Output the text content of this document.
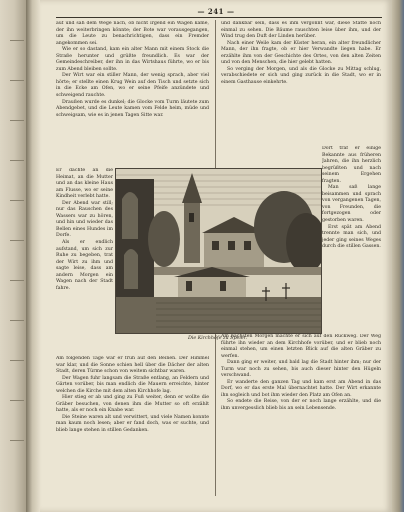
— 241 —

auf und sah dem Wege nach, ob nicht irgend ein Wagen käme, der ihn weiterbringen könnte; der Bote war vorausgegangen, um die Leute zu benachrichtigen, dass ein Fremder angekommen sei.

Wie er so dastand, kam ein alter Mann mit einem Stock die Straße herunter und grüßte freundlich. Es war der Gemeindeschreiber, der ihn in das Wirtshaus führte, wo er bis zum Abend bleiben sollte.

Der Wirt war ein stiller Mann, der wenig sprach, aber viel hörte; er stellte einen Krug Wein auf den Tisch und setzte sich in die Ecke am Ofen, wo er seine Pfeife anzündete und schweigend rauchte.

Draußen wurde es dunkel; die Glocke vom Turm läutete zum Abendgebet, und die Leute kamen vom Felde heim, müde und schweigsam, wie es in jenen Tagen Sitte war.

Er dachte an die Heimat, an die Mutter und an das kleine Haus am Flusse, wo er seine Kindheit verlebt hatte.

Der Abend war still; nur das Rauschen des Wassers war zu hören, und hin und wieder das Bellen eines Hundes im Dorfe.

Als er endlich aufstand, um sich zur Ruhe zu begeben, trat der Wirt zu ihm und sagte leise, dass am andern Morgen ein Wagen nach der Stadt fahre.

Am folgenden Tage war er früh auf den Beinen. Der Himmel war klar, und die Sonne schien hell über die Dächer der alten Stadt, deren Türme schon von weitem sichtbar waren.

Der Wagen fuhr langsam die Straße entlang, an Feldern und Gärten vorüber, bis man endlich die Mauern erreichte, hinter welchen die Kirche mit dem alten Kirchhofe lag.

Hier stieg er ab und ging zu Fuß weiter, denn er wollte die Gräber besuchen, von denen ihm die Mutter so oft erzählt hatte, als er noch ein Knabe war.

Die Steine waren alt und verwittert, und viele Namen konnte man kaum noch lesen; aber er fand doch, was er suchte, und blieb lange stehen in stillen Gedanken.

und dankbar sein, dass es ihm vergönnt war, diese Stätte noch einmal zu sehen. Die Bäume rauschten leise über ihm, und der Wind trug den Duft der Linden herüber.

Nach einer Weile kam der Küster heran, ein alter freundlicher Mann, der ihn fragte, ob er hier Verwandte liegen habe. Er erzählte ihm von der Geschichte des Ortes, von den alten Zeiten und von den Menschen, die hier gelebt hatten.

So verging der Morgen, und als die Glocke zu Mittag schlug, verabschiedete er sich und ging zurück in die Stadt, wo er in einem Gasthause einkehrte.

Dort traf er einige Bekannte aus früheren Jahren, die ihn herzlich begrüßten und nach seinem Ergehen fragten.

Man saß lange beisammen und sprach von vergangenen Tagen, von Freunden, die fortgezogen oder gestorben waren.

Erst spät am Abend trennte man sich, und jeder ging seines Weges durch die stillen Gassen.

Am nächsten Morgen machte er sich auf den Rückweg. Der Weg führte ihn wieder an dem Kirchhofe vorüber, und er blieb noch einmal stehen, um einen letzten Blick auf die alten Gräber zu werfen.

Dann ging er weiter, und bald lag die Stadt hinter ihm; nur der Turm war noch zu sehen, bis auch dieser hinter den Hügeln verschwand.

Er wanderte den ganzen Tag und kam erst am Abend in das Dorf, wo er das erste Mal übernachtet hatte. Der Wirt erkannte ihn sogleich und bot ihm wieder den Platz am Ofen an.

So endete die Reise, von der er noch lange erzählte, und die ihm unvergesslich blieb bis an sein Lebensende.

Die Kirchhöfe zu Speier.
